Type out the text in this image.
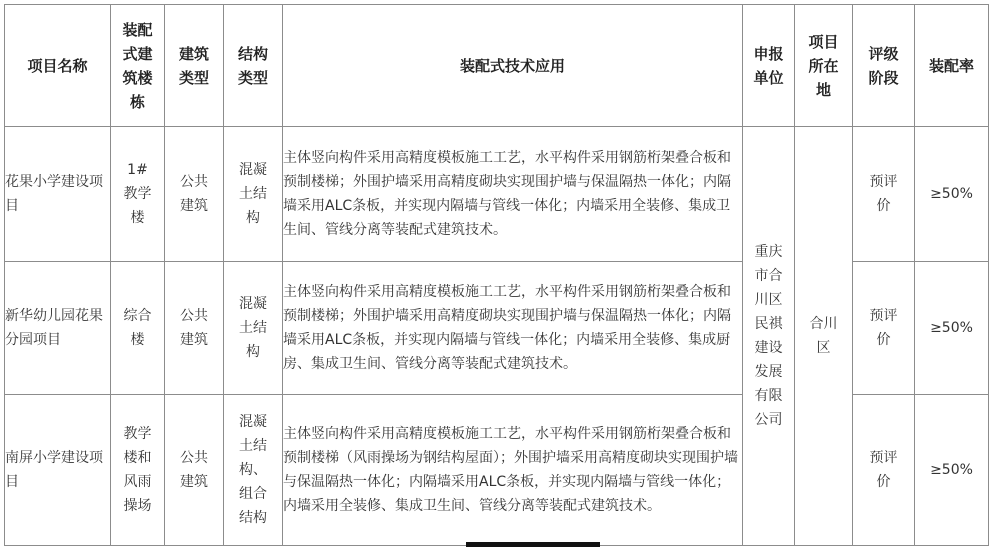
项目名称	装配式建筑楼栋	建筑类型	结构类型	装配式技术应用	申报单位	项目所在地	评级阶段	装配率
花果小学建设项目	1#教学楼	公共建筑	混凝土结构	主体竖向构件采用高精度模板施工工艺，水平构件采用钢筋桁架叠合板和预制楼梯；外围护墙采用高精度砌块实现围护墙与保温隔热一体化；内隔墙采用ALC条板，并实现内隔墙与管线一体化；内墙采用全装修、集成卫生间、管线分离等装配式建筑技术。	重庆市合川区民祺建设发展有限公司	合川区	预评价	≥50%
新华幼儿园花果分园项目	综合楼	公共建筑	混凝土结构	主体竖向构件采用高精度模板施工工艺，水平构件采用钢筋桁架叠合板和预制楼梯；外围护墙采用高精度砌块实现围护墙与保温隔热一体化；内隔墙采用ALC条板，并实现内隔墙与管线一体化；内墙采用全装修、集成厨房、集成卫生间、管线分离等装配式建筑技术。			预评价	≥50%
南屏小学建设项目	教学楼和风雨操场	公共建筑	混凝土结构、组合结构	主体竖向构件采用高精度模板施工工艺，水平构件采用钢筋桁架叠合板和预制楼梯（风雨操场为钢结构屋面）；外围护墙采用高精度砌块实现围护墙与保温隔热一体化；内隔墙采用ALC条板，并实现内隔墙与管线一体化；内墙采用全装修、集成卫生间、管线分离等装配式建筑技术。			预评价	≥50%
